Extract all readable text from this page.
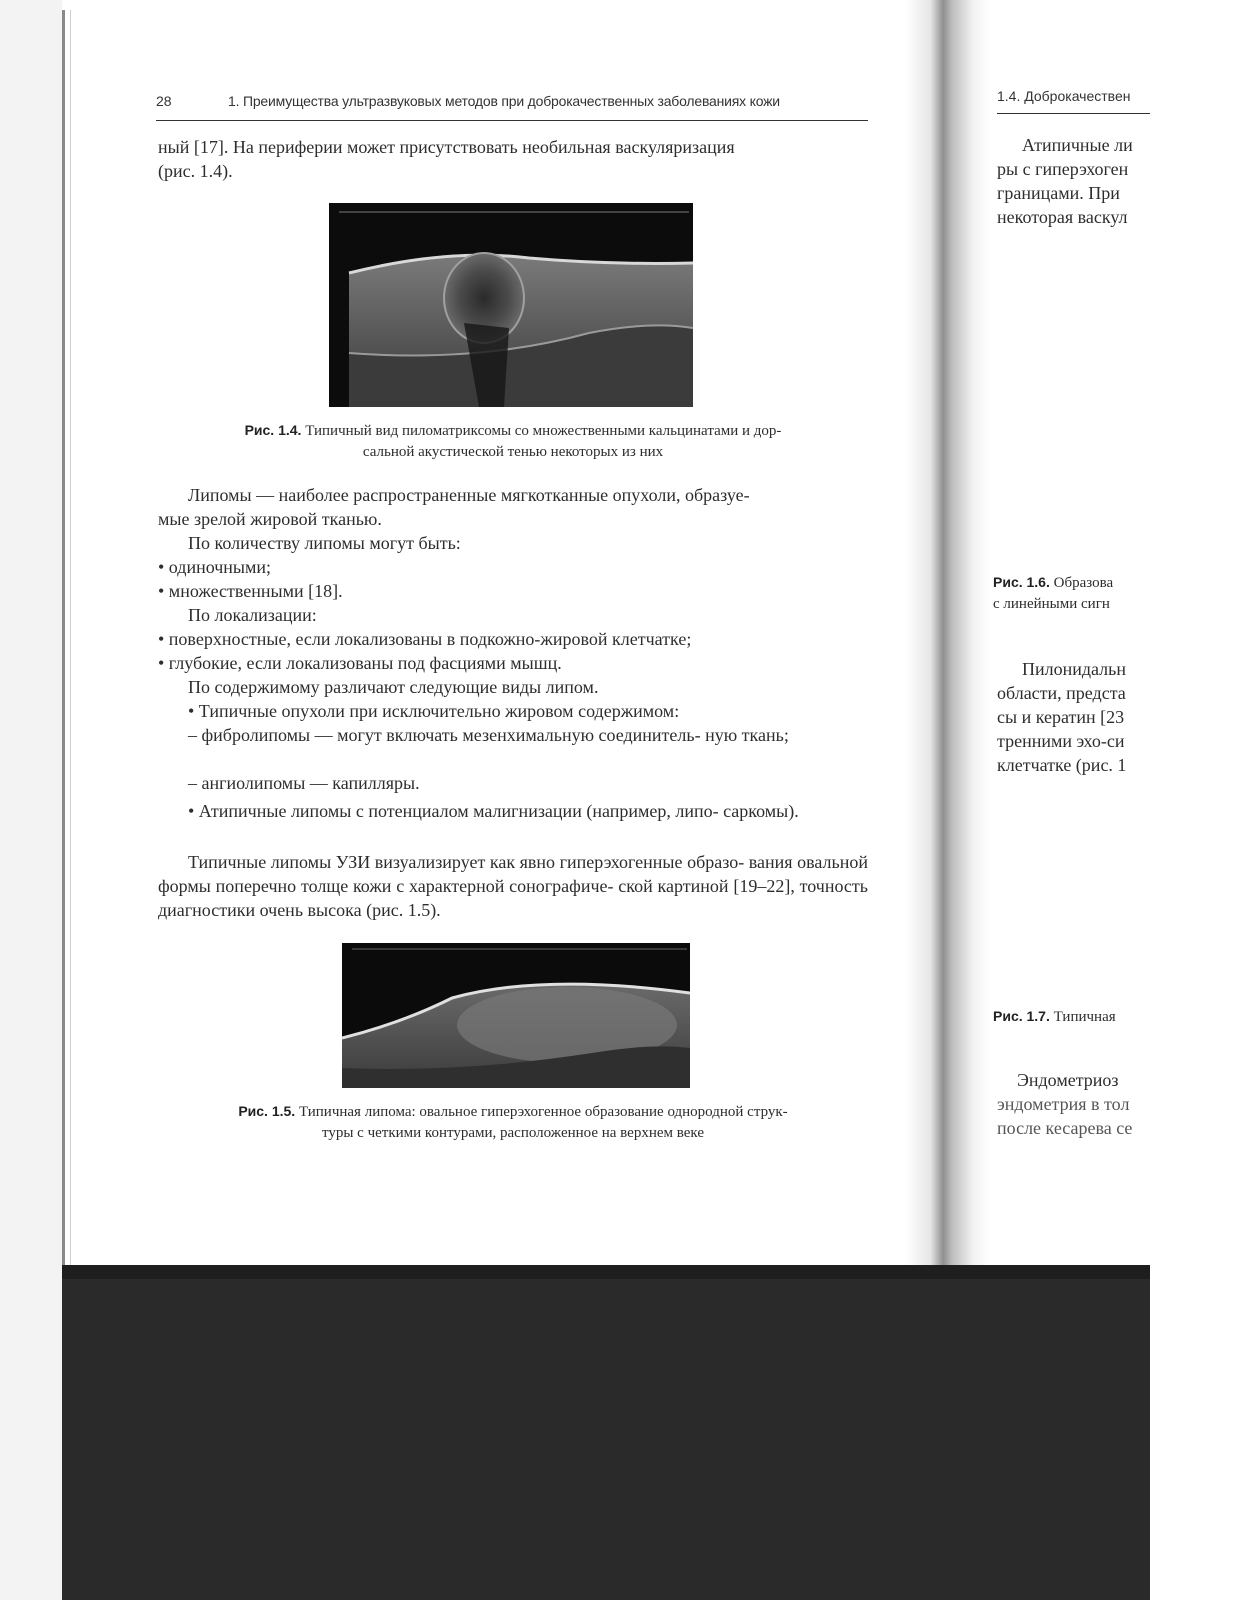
28	1. Преимущества ультразвуковых методов при доброкачественных заболеваниях кожи

ный [17]. На периферии может присутствовать необильная васкуляризация

(рис. 1.4).

Рис. 1.4. Типичный вид пиломатриксомы со множественными кальцинатами и дор-
сальной акустической тенью некоторых из них

Липомы — наиболее распространенные мягкотканные опухоли, образуе-

мые зрелой жировой тканью.

По количеству липомы могут быть:

• одиночными;

• множественными [18].

По локализации:

• поверхностные, если локализованы в подкожно-жировой клетчатке;

• глубокие, если локализованы под фасциями мышц.

По содержимому различают следующие виды липом.

• Типичные опухоли при исключительно жировом содержимом:

– фибролипомы — могут включать мезенхимальную соединитель- ную ткань;

– ангиолипомы — капилляры.

• Атипичные липомы с потенциалом малигнизации (например, липо- саркомы).

Типичные липомы УЗИ визуализирует как явно гиперэхогенные образо- вания овальной формы поперечно толще кожи с характерной сонографиче- ской картиной [19–22], точность диагностики очень высока (рис. 1.5).

Рис. 1.5. Типичная липома: овальное гиперэхогенное образование однородной струк-
туры с четкими контурами, расположенное на верхнем веке
1.4. Доброкачествен
Атипичные ли
ры с гиперэхоген
границами. При
некоторая васкул
Рис. 1.6. Образова
с линейными сигн
Пилонидальн
области, предста
сы и кератин [23
тренними эхо-си
клетчатке (рис. 1
Рис. 1.7. Типичная
Эндометриоз
эндометрия в тол
после кесарева се
